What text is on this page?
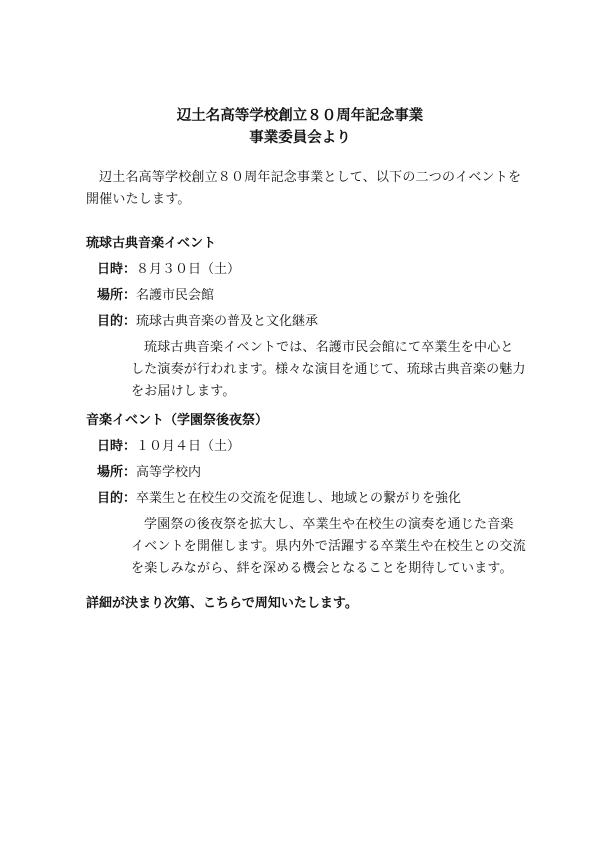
辺土名高等学校創立８０周年記念事業
事業委員会より
辺土名高等学校創立８０周年記念事業として、以下の二つのイベントを開催いたします。
琉球古典音楽イベント
日時： ８月３０日（土）
場所： 名護市民会館
目的： 琉球古典音楽の普及と文化継承
琉球古典音楽イベントでは、名護市民会館にて卒業生を中心とした演奏が行われます。様々な演目を通じて、琉球古典音楽の魅力をお届けします。
音楽イベント（学園祭後夜祭）
日時： １０月４日（土）
場所： 高等学校内
目的： 卒業生と在校生の交流を促進し、地域との繋がりを強化
学園祭の後夜祭を拡大し、卒業生や在校生の演奏を通じた音楽イベントを開催します。県内外で活躍する卒業生や在校生との交流を楽しみながら、絆を深める機会となることを期待しています。
詳細が決まり次第、こちらで周知いたします。
